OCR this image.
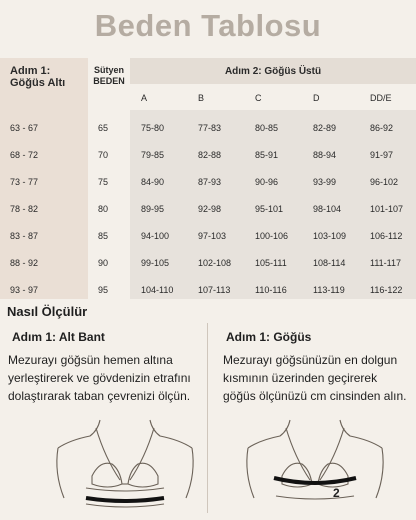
Beden Tablosu
Adım 1: Göğüs Altı
Sütyen
BEDEN
Adım 2: Göğüs Üstü
A	B	C	D	DD/E
63 - 67	65	75-80	77-83	80-85	82-89	86-92
68 - 72	70	79-85	82-88	85-91	88-94	91-97
73 - 77	75	84-90	87-93	90-96	93-99	96-102
78 - 82	80	89-95	92-98	95-101	98-104	101-107
83 - 87	85	94-100	97-103	100-106	103-109	106-112
88 - 92	90	99-105	102-108	105-111	108-114	111-117
93 - 97	95	104-110	107-113	110-116	113-119	116-122
Nasıl Ölçülür
Adım 1: Alt Bant	Adım 1: Göğüs
Mezurayı göğsün hemen altına yerleştirerek ve gövdenizin etrafını dolaştırarak taban çevrenizi ölçün.
Mezurayı göğsünüzün en dolgun kısmının üzerinden geçirerek göğüs ölçünüzü cm cinsinden alın.
2
